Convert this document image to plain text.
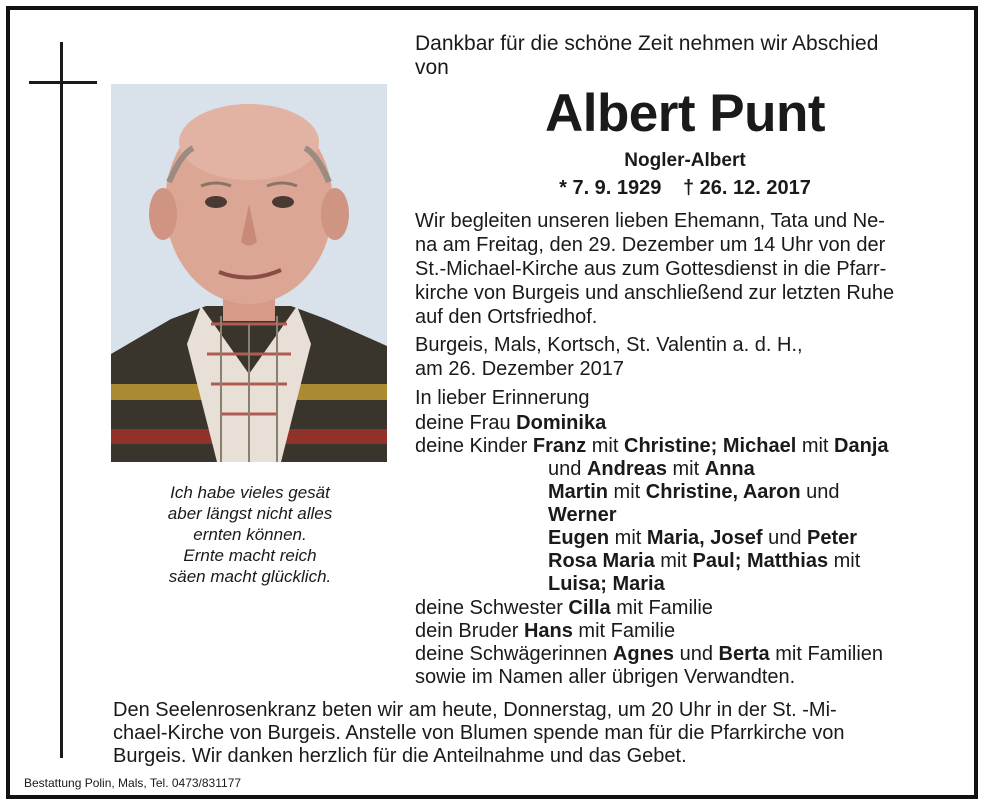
Ich habe vieles gesät
aber längst nicht alles
ernten können.
Ernte macht reich
säen macht glücklich.
Dankbar für die schöne Zeit nehmen wir Abschied
von
Albert Punt
Nogler-Albert
* 7. 9. 1929 † 26. 12. 2017
Wir begleiten unseren lieben Ehemann, Tata und Ne-
na am Freitag, den 29. Dezember um 14 Uhr von der
St.-Michael-Kirche aus zum Gottesdienst in die Pfarr-
kirche von Burgeis und anschließend zur letzten Ruhe
auf den Ortsfriedhof.
Burgeis, Mals, Kortsch, St. Valentin a. d. H.,
am 26. Dezember 2017
In lieber Erinnerung
deine Frau Dominika
deine Kinder Franz mit Christine; Michael mit Danja
und Andreas mit Anna
Martin mit Christine, Aaron und
Werner
Eugen mit Maria, Josef und Peter
Rosa Maria mit Paul; Matthias mit
Luisa; Maria
deine Schwester Cilla mit Familie
dein Bruder Hans mit Familie
deine Schwägerinnen Agnes und Berta mit Familien
sowie im Namen aller übrigen Verwandten.
Den Seelenrosenkranz beten wir am heute, Donnerstag, um 20 Uhr in der St. -Mi-
chael-Kirche von Burgeis. Anstelle von Blumen spende man für die Pfarrkirche von
Burgeis. Wir danken herzlich für die Anteilnahme und das Gebet.
Bestattung Polin, Mals, Tel. 0473/831177
